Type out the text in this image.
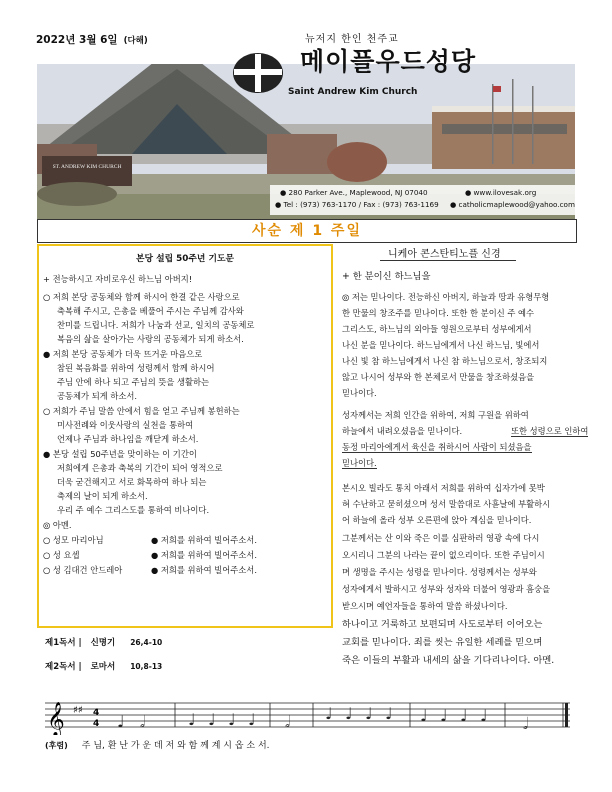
2022년 3월 6일 (다해)
ST. ANDREW KIM CHURCH
뉴저지 한인 천주교
메이플우드성당
Saint Andrew Kim Church
● 280 Parker Ave., Maplewood, NJ 07040	● www.ilovesak.org
● Tel : (973) 763-1170 / Fax : (973) 763-1169 ● catholicmaplewood@yahoo.com
사순 제 1 주일
본당 설립 50주년 기도문
+ 전능하시고 자비로우신 하느님 아버지!
○ 저희 본당 공동체와 함께 하시어 한결 같은 사랑으로
축복해 주시고, 은총을 베풀어 주시는 주님께 감사와
찬미를 드립니다. 저희가 나눔과 선교, 일치의 공동체로
복음의 삶을 살아가는 사랑의 공동체가 되게 하소서.
● 저희 본당 공동체가 더욱 뜨거운 마음으로
참된 복음화를 위하여 성령께서 함께 하시어
주님 안에 하나 되고 주님의 뜻을 생활하는
공동체가 되게 하소서.
○ 저희가 주님 말씀 안에서 힘을 얻고 주님께 봉헌하는
미사전례와 이웃사랑의 실천을 통하여
언제나 주님과 하나임을 깨닫게 하소서.
● 본당 설립 50주년을 맞이하는 이 기간이
저희에게 은총과 축복의 기간이 되어 영적으로
더욱 굳건해지고 서로 화목하여 하나 되는
축제의 날이 되게 하소서.
우리 주 예수 그리스도를 통하여 비나이다.
◎ 아멘.
○ 성모 마리아님	● 저희를 위하여 빌어주소서.
○ 성 요셉	● 저희를 위하여 빌어주소서.
○ 성 김대건 안드레아	● 저희를 위하여 빌어주소서.
니케아 콘스탄티노플 신경
+ 한 분이신 하느님을
◎ 저는 믿나이다. 전능하신 아버지, 하늘과 땅과 유형무형
한 만물의 창조주를 믿나이다. 또한 한 분이신 주 예수
그리스도, 하느님의 외아들 영원으로부터 성부에게서
나신 분을 믿나이다. 하느님에게서 나신 하느님, 빛에서
나신 빛 참 하느님에게서 나신 참 하느님으로서, 창조되지
않고 나시어 성부와 한 본체로서 만물을 창조하셨음을
믿나이다.
성자께서는 저희 인간을 위하여, 저희 구원을 위하여
하늘에서 내려오셨음을 믿나이다.	또한 성령으로 인하여
동정 마리아에게서 육신을 취하시어 사람이 되셨음을
믿나이다.
본시오 빌라도 통치 아래서 저희를 위하여 십자가에 못박
혀 수난하고 묻히셨으며 성서 말씀대로 사흗날에 부활하시
어 하늘에 올라 성부 오른편에 앉아 계심을 믿나이다.
그분께서는 산 이와 죽은 이를 심판하러 영광 속에 다시
오시리니 그분의 나라는 끝이 없으리이다. 또한 주님이시
며 생명을 주시는 성령을 믿나이다. 성령께서는 성부와
성자에게서 발하시고 성부와 성자와 더불어 영광과 흠숭을
받으시며 예언자들을 통하여 말씀 하셨나이다.
하나이고 거룩하고 보편되며 사도로부터 이어오는
교회를 믿나이다. 죄를 씻는 유일한 세례를 믿으며
죽은 이들의 부활과 내세의 삶을 기다리나이다. 아멘.
제1독서 | 신명기 26,4-10
제2독서 | 로마서 10,8-13
𝄞 ♯♯ 4
4 ♩ 𝅗𝅥	♩ ♩ ♩ ♩ 𝅗𝅥 ♩ ♩ ♩ ♩ ♩ ♩ ♩ ♩ 𝅗𝅥
(후렴) 주 님, 환 난 가 운 데 저 와 함 께 계 시 옵 소 서.
